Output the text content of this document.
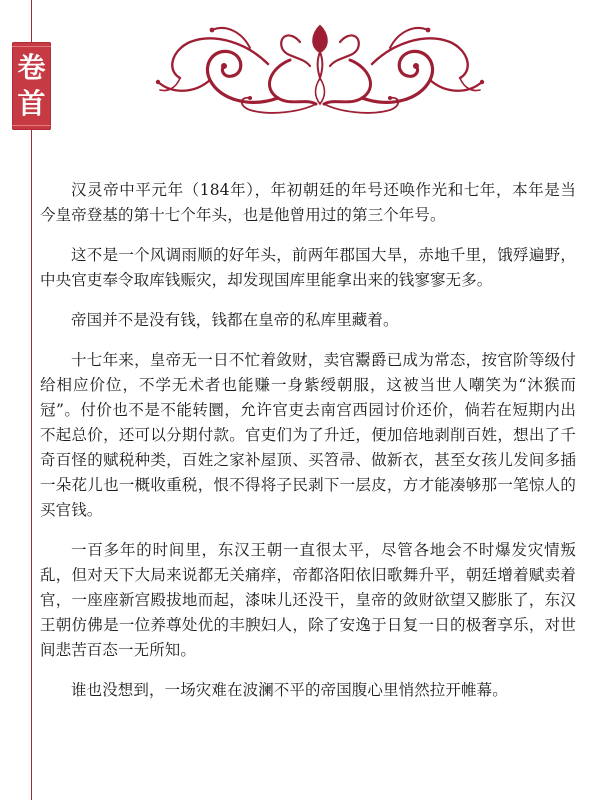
卷
首

汉灵帝中平元年（184年），年初朝廷的年号还唤作光和七年，本年是当今皇帝登基的第十七个年头，也是他曾用过的第三个年号。

这不是一个风调雨顺的好年头，前两年郡国大旱，赤地千里，饿殍遍野，中央官吏奉令取库钱赈灾，却发现国库里能拿出来的钱寥寥无多。

帝国并不是没有钱，钱都在皇帝的私库里藏着。

十七年来，皇帝无一日不忙着敛财，卖官鬻爵已成为常态，按官阶等级付给相应价位，不学无术者也能赚一身紫绶朝服，这被当世人嘲笑为“沐猴而冠”。付价也不是不能转圜，允许官吏去南宫西园讨价还价，倘若在短期内出不起总价，还可以分期付款。官吏们为了升迁，便加倍地剥削百姓，想出了千奇百怪的赋税种类，百姓之家补屋顶、买笤帚、做新衣，甚至女孩儿发间多插一朵花儿也一概收重税，恨不得将子民剥下一层皮，方才能凑够那一笔惊人的买官钱。

一百多年的时间里，东汉王朝一直很太平，尽管各地会不时爆发灾情叛乱，但对天下大局来说都无关痛痒，帝都洛阳依旧歌舞升平，朝廷增着赋卖着官，一座座新宫殿拔地而起，漆味儿还没干，皇帝的敛财欲望又膨胀了，东汉王朝仿佛是一位养尊处优的丰腴妇人，除了安逸于日复一日的极奢享乐，对世间悲苦百态一无所知。

谁也没想到，一场灾难在波澜不平的帝国腹心里悄然拉开帷幕。
